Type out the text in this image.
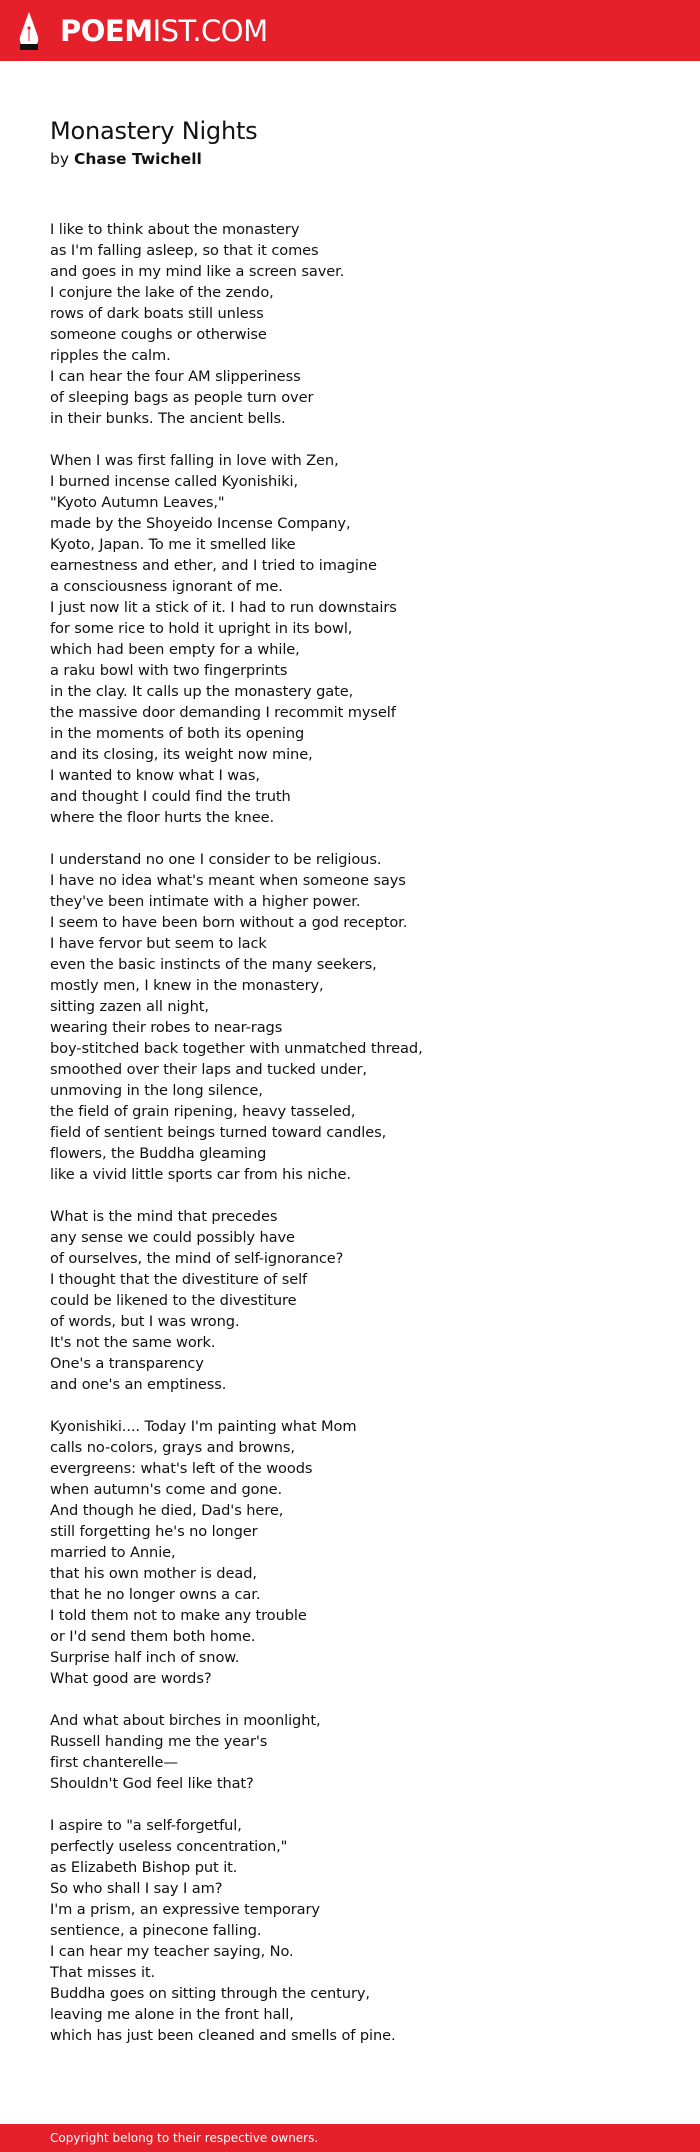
POEMIST.COM
Monastery Nights
by Chase Twichell
I like to think about the monastery
as I'm falling asleep, so that it comes
and goes in my mind like a screen saver.
I conjure the lake of the zendo,
rows of dark boats still unless
someone coughs or otherwise
ripples the calm.
I can hear the four AM slipperiness
of sleeping bags as people turn over
in their bunks. The ancient bells.
When I was first falling in love with Zen,
I burned incense called Kyonishiki,
"Kyoto Autumn Leaves,"
made by the Shoyeido Incense Company,
Kyoto, Japan. To me it smelled like
earnestness and ether, and I tried to imagine
a consciousness ignorant of me.
I just now lit a stick of it. I had to run downstairs
for some rice to hold it upright in its bowl,
which had been empty for a while,
a raku bowl with two fingerprints
in the clay. It calls up the monastery gate,
the massive door demanding I recommit myself
in the moments of both its opening
and its closing, its weight now mine,
I wanted to know what I was,
and thought I could find the truth
where the floor hurts the knee.
I understand no one I consider to be religious.
I have no idea what's meant when someone says
they've been intimate with a higher power.
I seem to have been born without a god receptor.
I have fervor but seem to lack
even the basic instincts of the many seekers,
mostly men, I knew in the monastery,
sitting zazen all night,
wearing their robes to near-rags
boy-stitched back together with unmatched thread,
smoothed over their laps and tucked under,
unmoving in the long silence,
the field of grain ripening, heavy tasseled,
field of sentient beings turned toward candles,
flowers, the Buddha gleaming
like a vivid little sports car from his niche.
What is the mind that precedes
any sense we could possibly have
of ourselves, the mind of self-ignorance?
I thought that the divestiture of self
could be likened to the divestiture
of words, but I was wrong.
It's not the same work.
One's a transparency
and one's an emptiness.
Kyonishiki.... Today I'm painting what Mom
calls no-colors, grays and browns,
evergreens: what's left of the woods
when autumn's come and gone.
And though he died, Dad's here,
still forgetting he's no longer
married to Annie,
that his own mother is dead,
that he no longer owns a car.
I told them not to make any trouble
or I'd send them both home.
Surprise half inch of snow.
What good are words?
And what about birches in moonlight,
Russell handing me the year's
first chanterelle—
Shouldn't God feel like that?
I aspire to "a self-forgetful,
perfectly useless concentration,"
as Elizabeth Bishop put it.
So who shall I say I am?
I'm a prism, an expressive temporary
sentience, a pinecone falling.
I can hear my teacher saying, No.
That misses it.
Buddha goes on sitting through the century,
leaving me alone in the front hall,
which has just been cleaned and smells of pine.
Copyright belong to their respective owners.
